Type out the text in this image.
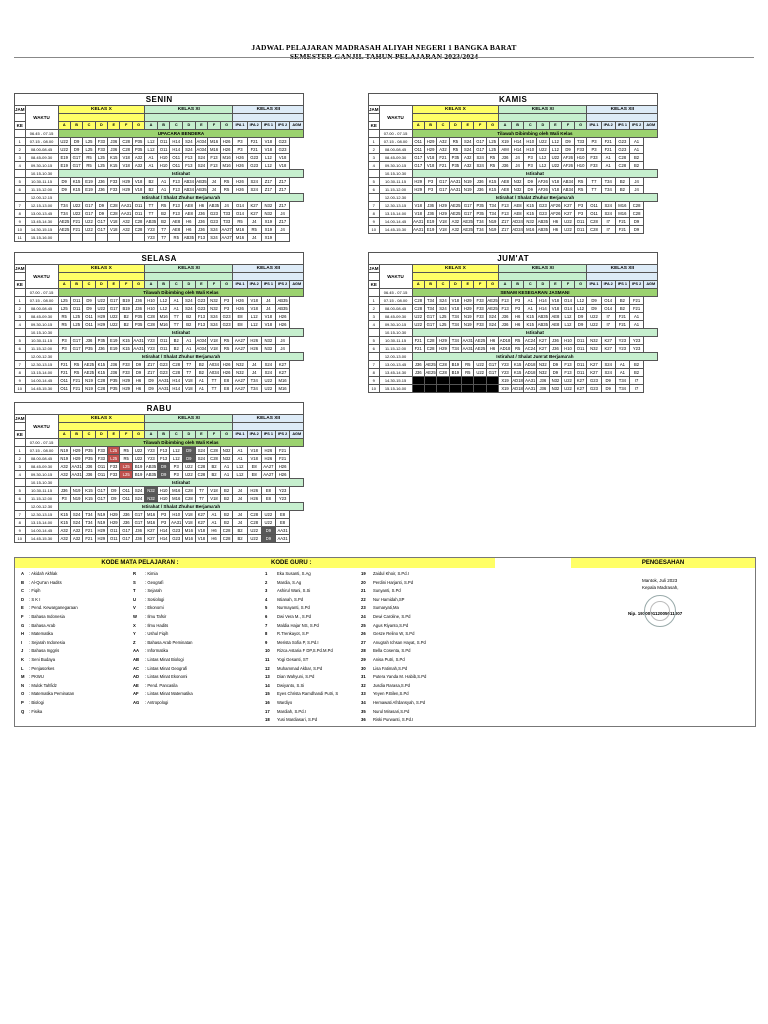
JADWAL PELAJARAN MADRASAH ALIYAH NEGERI 1 BANGKA BARAT
SEMESTER GANJIL TAHUN PELAJARAN 2023/2024
SENIN																				
JAM	WAKTU	KELAS X							KELAS XI							KELAS XII				

KE		A	B	C	D	E	F	G	A	B	C	D	E	F	G	IPA 1	IPA 2	IPS 1	IPS 2	AGM
	06.45 - 07.15	UPACARA BENDERA																		
1	07.15 - 08.00	U22	D9	L25	F33	J36	C28	P35	L12	O11	H14	S24	A034	M16	H26	P3	F21	V18	G23	
2	08.00-08.45	U22	D9	L25	F33	J36	C28	P35	L12	O11	H14	S24	A034	M16	H26	P3	F21	V18	G23	
3	08.45-09.30	E19	G17	R5	L25	K15	V18	A32	A1	H10	O11	F13	S24	F13	M16	H26	G23	L12	V18	
4	09.30-10.15	E19	G17	R5	L25	K15	V18	A32	A1	H10	O11	F13	S24	F13	M16	H26	G23	L12	V18	
	10.15-10.30	Istirahat																		
5	10.30-11.15	D9	K15	E19	J36	F33	H29	V18	B2	A1	F13	AB34	AB35	J4	R5	H26	S24	Z17	Z17	
6	11.15-12.00	D9	K15	E19	J36	F33	H29	V18	B2	A1	F13	AB34	AB35	J4	R5	H26	S24	Z17	Z17	
	12.00-12.15	Istirahat / Shalat Zhuhur Berjama'ah																		
7	12.15-13.00	T34	U22	G17	D9	C28	AA31	O11	T7	R5	F13	AE8	H6	AB35	J4	O14	K27	N32	Z17	
8	13.00-13.45	T34	U22	G17	D9	C28	AA31	O11	T7	B2	F13	AE8	J36	G23	T33	O14	K27	N32	J4	
9	13.45-14.30	AE25	F21	U22	G17	V18	A32	C28	AB35	B2	AE8	H6	J36	G23	T33	R5	J4	X19	Z17	
10	14.30-15.15	AE25	F21	U22	G17	V18	A32	C28	Y23	T7	AE8	H6	J36	S24	AA27	M16	R5	X19	J4	
11	15.15-16.00								Y23	T7	R5	AB35	F13	S24	AA27	M16	J4	X19		
KAMIS																				
JAM	WAKTU	KELAS X							KELAS XI							KELAS XII				

KE		A	B	C	D	E	F	G	A	B	C	D	E	F	G	IPA 1	IPA 2	IPS 1	IPS 2	AGM
	07.00 - 07.15	Tilawah Dibimbing oleh Wali Kelas																		
1	07.15 - 08.00	O11	H29	A32	R5	S24	G17	L25	X19	H14	H10	U22	L12	D9	T33	P3	F21	G23	A1	
2	08.00-08.45	O11	H29	A32	R5	S24	G17	L25	AIM	H14	H10	U22	L12	D9	F33	P3	F21	G23	A1	
3	08.45-09.30	G17	V18	F21	P35	A32	S24	R5	J36	J4	P3	L12	U22	AF26	H10	F33	A1	C28	B2	
4	09.30-10.15	G17	V18	F21	P35	A32	S24	R5	J36	J4	P3	L12	U22	AF26	H10	F33	A1	C28	B2	
	10.15-10.30	Istirahat																		
5	10.30-11.15	H29	P3	G17	AA31	N19	J36	K15	AE8	N32	D9	AF26	V18	AB34	R5	T7	T34	B2	J4	
6	11.15-12.00	H29	P3	G17	AA31	N19	J36	K15	AE8	N32	D9	AF26	V18	AB34	R5	T7	T34	B2	J4	
	12.00-12.30	Istirahat / Shalat Zhuhur Berjama'ah																		
7	12.30-13.15	V18	J36	H29	AE25	G17	P35	T34	F13	AE8	K15	G23	AF26	K27	P3	O11	S24	M16	C28	
8	13.15-14.00	V18	J36	H29	AE25	G17	P35	T34	F13	AE8	K15	G23	AF26	K27	P3	O11	S24	M16	C28	
9	14.00-14.45	AA31	E19	V18	A32	AE25	T34	N19	Z17	AD24	N32	AB35	H6	U22	O11	C28	I7	F21	D9	
10	14.45-15.30	AA31	E19	V18	A32	AE25	T34	N19	Z17	AD24	M16	AB35	H6	U22	O11	C28	I7	F21	D9	
SELASA																				
JAM	WAKTU	KELAS X							KELAS XI							KELAS XII				

KE		A	B	C	D	E	F	G	A	B	C	D	E	F	G	IPA 1	IPA 2	IPS 1	IPS 2	AGM
	07.00 - 07.15	Tilawah Dibimbing oleh Wali Kelas																		
1	07.15 - 08.00	L25	O11	D9	U22	G17	B19	J36	H10	L12	A1	S24	G23	N32	P3	H26	V18	J4	AB35	
2	08.00-08.45	L25	O11	D9	U22	G17	B19	J36	H10	L12	A1	S24	G23	N32	P3	H26	V18	J4	AB35	
3	08.45-09.30	R5	L25	O11	H29	U22	B2	P35	C28	M16	T7	B2	F13	S24	G23	E8	L12	V18	H26	
4	09.30-10.15	R5	L25	O11	H29	U22	B2	P35	C28	M16	T7	B2	F13	S24	G23	E8	L12	V18	H26	
	10.15-10.30	Istirahat																		
5	10.30-11.15	P3	G17	J36	P35	E19	K15	AA31	Y23	O11	B2	A1	A034	V18	R5	AA27	H26	N32	J4	
6	11.15-12.00	P3	G17	P35	J36	E19	K15	AA31	Y23	O11	B2	A1	A034	V18	R5	AA27	H26	N32	J4	
	12.00-12.30	Istirahat / Shalat Zhuhur Berjama'ah																		
7	12.30-13.15	F21	R5	AE25	K15	J36	F33	D9	Z17	G23	C28	T7	B2	A034	H26	N32	J4	S24	K27	
8	13.15-14.00	F21	R5	AE25	K15	J36	F33	D9	Z17	G23	C28	T7	B2	A034	H26	N32	J4	S24	K27	
9	14.00-14.45	O11	F21	N19	C28	P35	H29	H6	D9	AA31	H14	V18	A1	T7	E8	AA27	T34	U22	M16	
10	14.45-15.30	O11	F21	N19	C28	P35	H29	H6	D9	AA31	H14	V18	A1	T7	E8	AA27	T34	U22	M16	
JUM'AT																				
JAM	WAKTU	KELAS X							KELAS XI							KELAS XII				

KE		A	B	C	D	E	F	G	A	B	C	D	E	F	G	IPA 1	IPA 2	IPS 1	IPS 2	AGM
	06.45 - 07.15	SENAM KESEGARAN JASMANI																		
1	07.15 - 08.00	C28	T34	S24	V18	H29	F33	AE25	F13	P3	A1	H14	V18	O14	L12	D9	O14	B2	F21	
2	08.00-08.45	C28	T34	S24	V18	H29	F33	AE25	F13	P3	A1	H14	V18	O14	L12	D9	O14	B2	F21	
3	08.45-09.30	U22	G17	L25	T34	N19	F33	S24	J36	H6	K15	AB35	AE8	L12	D9	U22	I7	F21	A1	
4	09.30-10.15	U22	G17	L25	T34	N19	F33	S24	J36	H6	K15	AB35	AE8	L12	D9	U22	I7	F21	A1	
	10.15-10.30	Istirahat																		
5	10.30-11.15	F21	C28	H29	T34	AA31	AE25	H6	AD18	R5	AC24	K27	J36	H10	O11	N32	K27	Y23	Y23	
6	11.15-12.00	F21	C28	H29	T34	AA31	AE25	H6	AD18	R5	AC24	K27	J36	H10	O11	N32	K27	Y23	Y23	
	12.00-13.00	Istirahat / Shalat Jum'at Berjama'ah																		
7	13.00-13.45	J36	AE25	C28	B19	R5	U22	G17	Y23	K15	AD18	N32	D9	F13	O11	K27	S24	A1	B2	
8	13.45-14.30	J36	AE25	C28	B19	R5	U22	G17	Y23	K15	AD18	N32	D9	F13	O11	K27	S24	A1	B2	
9	14.30-15.15								X19	AD18	AA31	J36	N32	U22	K27	G23	D9	T34	I7	
10	15.15-16.00								X19	AD18	AA31	J36	N32	U22	K27	G23	D9	T34	I7	
RABU																				
JAM	WAKTU	KELAS X							KELAS XI							KELAS XII				

KE		A	B	C	D	E	F	G	A	B	C	D	E	F	G	IPA 1	IPA 2	IPS 1	IPS 2	AGM
	07.00 - 07.15	Tilawah Dibimbing oleh Wali Kelas																		
1	07.15 - 08.00	N19	H29	P35	F33	L25	R5	U22	Y23	F13	L12	D9	S24	C28	N32	A1	V18	H26	F21	
2	08.00-08.45	N19	H29	P35	F33	L25	R5	U22	Y23	F13	L12	D9	S24	C28	N32	A1	V18	H26	F21	
3	08.45-09.30	A32	AA31	J36	O11	F33	L25	B19	AB35	D9	P3	U22	C28	B2	A1	L12	E8	AA27	H26	
4	09.30-10.15	A32	AA31	J36	O11	F33	L25	B19	AB35	D9	P3	U22	C28	B2	A1	L12	E8	AA27	H26	
	10.15-10.30	Istirahat																		
5	10.30-11.15	J36	N19	K15	G17	D9	O11	S24	N32	H10	M16	C28	T7	V18	B2	J4	H26	E8	Y23	
6	11.15-12.00	P3	N19	K15	G17	D9	O11	S24	N32	H10	M16	C28	T7	V18	B2	J4	H26	E8	Y23	
	12.00-12.30	Istirahat / Shalat Zhuhur Berjama'ah																		
7	12.30-13.15	K15	S24	T34	N19	H29	J36	G17	M16	P3	H10	V18	K27	A1	B2	J4	C28	U22	E8	
8	13.15-14.00	K15	S24	T34	N19	H29	J36	G17	M16	P3	AA31	V18	K27	A1	B2	J4	C28	U22	E8	
9	14.00-14.45	A32	A32	F21	H29	O11	G17	J36	K27	H14	G23	M16	V18	H6	C28	B2	U22	D9	AA31	
10	14.45-15.30	A32	A32	F21	H29	O11	G17	J36	K27	H14	G23	M16	V18	H6	C28	B2	U22	D9	AA31	
KODE MATA PELAJARAN :	KODE GURU :	PENGESAHAN
A : Akidah Akhlak
B : Al-Qur'an Hadits
C : Fiqih
D : S K I
E : Pend. Kewarganegaraan
F : Bahasa Indonesia
G : Bahasa Arab
H : Matematika
I : Sejarah Indonesia
J : Bahasa Inggris
K : Seni Budaya
L : Penjasorkes
M : PKWU
N : Mulok Tahfidz
O : Matematika Peminatan
P : Biologi
Q : Fisika
R : Kimia
S : Geografi
T : Sejarah
U : Sosiologi
V : Ekonomi
W : Ilmu Tafsir
X : Ilmu Hadits
Y : Ushul Fiqih
Z : Bahasa Arab Peminatan
AA : Informatika
AB : Lintas Minat Biologi
AC : Lintas Minat Geografi
AD : Lintas Minat Ekonomi
AE : Pend. Pancasila
AF : Lintas Minat Matematika
AG : Antropologi
1 Eka Susanti, S.Ag
2 Mardia, S.Ag
3 Ashirul Wani, S.Si
4 Istianah, S.Pd
5 Nurmayanti, S.Pd
6 Dwi Vera M., S.Pd
7 Maldia Hajar NS, S.Pd
8 R.Trenkayot, S.P
9 Merista Sofia P, S.Pd.I
10 Rizca Astaria F DP,S.Pd.M.Pd
11 Yogi Gesanti, ST
12 Muhammad Akbar, S.Pd
13 Dian Wahyuni, S.Pd
14 Dwiyanto, S.Si
15 Eyes Christa Ramdhandi Putri, S
16 Wardiyo
17 Mardiah, S.Pd.I
18 Yusi Mardiasari, S.Pd
19 Zaidul Khoir, S.Pd.I
20 Perdini Harjanti, S.Pd
21 Sunyanti, S.Pd
22 Nur Hamidah,SP
23 Sumaryati,Ma
24 Dewi Caroline, S.Pd
25 Agus Riyanto,S.Pd
26 Gesze Relino W, S.Pd
27 Anugrah Ichsan Hayat, S.Pd
28 Bella Cosenta, S.Pd
29 Anisa Putri, S.Pd
30 Lisa Fatimah,S.Pd
31 Putera Yanda M. Habib,S.Pd
32 Jusdia Rarasa,S.Pd
33 Yeyen P.Bilen,S.Pd
34 Hemawati Afrdansyah, S.Pd
35 Nurul Mirasari,S.Pd
36 Riski Purwanti, S.Pd.I
Mantok, Juli 2023
Kepala Madrasah,
Nip. 197009112005011007
